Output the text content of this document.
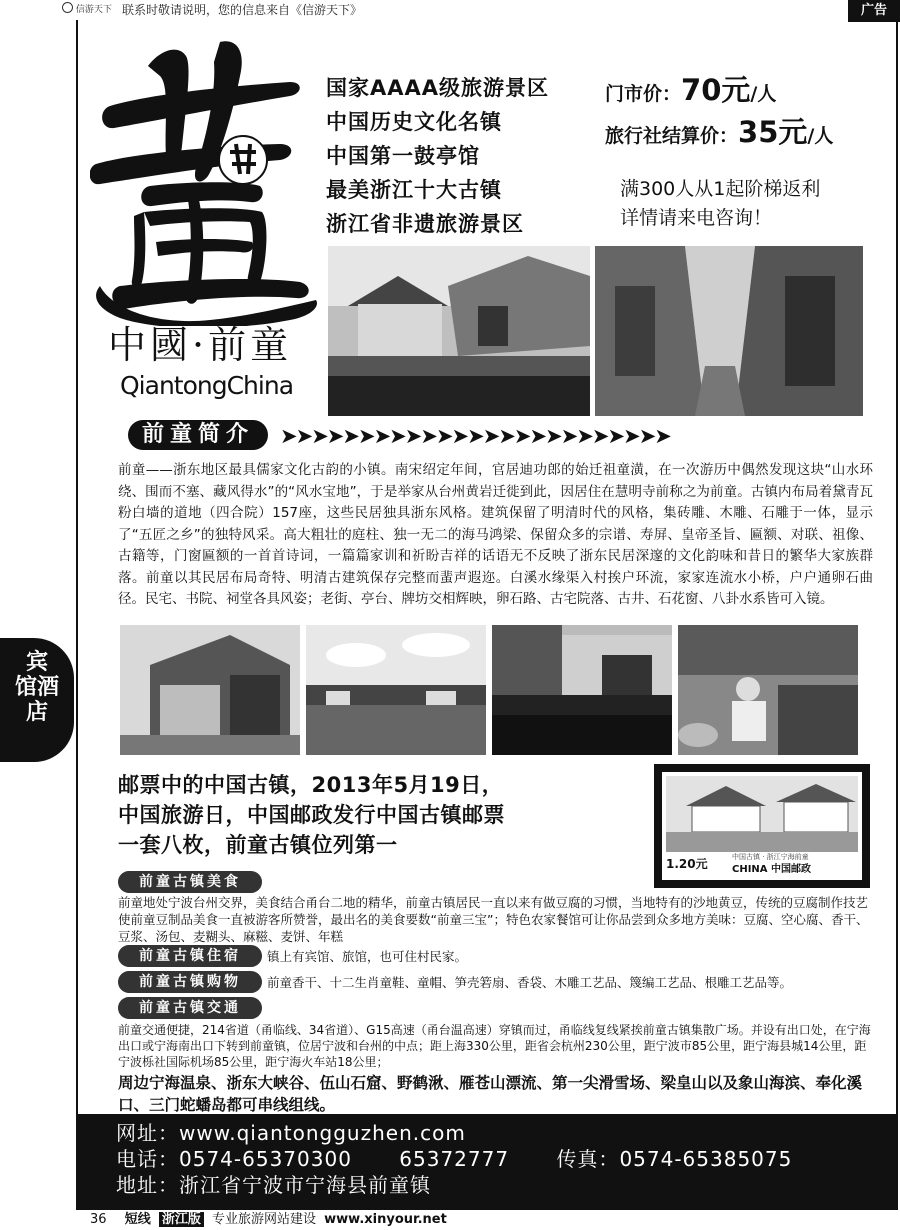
信游天下 联系时敬请说明，您的信息来自《信游天下》	广告
中國·前童
QiantongChina
国家AAAA级旅游景区
中国历史文化名镇
中国第一鼓亭馆
最美浙江十大古镇
浙江省非遗旅游景区
门市价：70元/人
旅行社结算价：35元/人
满300人从1起阶梯返利
详情请来电咨询！
前童简介	➤➤➤➤➤➤➤➤➤➤➤➤➤➤➤➤➤➤➤➤➤➤➤➤➤
前童——浙东地区最具儒家文化古韵的小镇。南宋绍定年间，官居迪功郎的始迁祖童潢，在一次游历中偶然发现这块“山水环绕、围而不塞、藏风得水”的“风水宝地”，于是举家从台州黄岩迁徙到此，因居住在慧明寺前称之为前童。古镇内布局着黛青瓦粉白墙的道地（四合院）157座，这些民居独具浙东风格。建筑保留了明清时代的风格，集砖雕、木雕、石雕于一体，显示了“五匠之乡”的独特风采。高大粗壮的庭柱、独一无二的海马鸿梁、保留众多的宗谱、寿屏、皇帝圣旨、匾额、对联、祖像、古籍等，门窗匾额的一首首诗词，一篇篇家训和祈盼吉祥的话语无不反映了浙东民居深邃的文化韵味和昔日的繁华大家族群落。前童以其民居布局奇特、明清古建筑保存完整而蜚声遐迩。白溪水缘渠入村挨户环流，家家连流水小桥，户户通卵石曲径。民宅、书院、祠堂各具风姿；老街、亭台、牌坊交相辉映，卵石路、古宅院落、古井、石花窗、八卦水系皆可入镜。
宾
馆酒
店
邮票中的中国古镇，2013年5月19日，
中国旅游日，中国邮政发行中国古镇邮票
一套八枚，前童古镇位列第一
1.20元	中国古镇 · 浙江宁海前童
CHINA 中国邮政
前童古镇美食
前童地处宁波台州交界，美食结合甬台二地的精华，前童古镇居民一直以来有做豆腐的习惯，当地特有的沙地黄豆，传统的豆腐制作技艺使前童豆制品美食一直被游客所赞誉，最出名的美食要数“前童三宝”；特色农家餐馆可让你品尝到众多地方美味：豆腐、空心腐、香干、豆浆、汤包、麦糊头、麻糍、麦饼、年糕
前童古镇住宿	镇上有宾馆、旅馆，也可住村民家。
前童古镇购物	前童香干、十二生肖童鞋、童帽、笋壳箬扇、香袋、木雕工艺品、篾编工艺品、根雕工艺品等。
前童古镇交通
前童交通便捷，214省道（甬临线、34省道）、G15高速（甬台温高速）穿镇而过，甬临线复线紧挨前童古镇集散广场。并设有出口处，在宁海出口或宁海南出口下转到前童镇，位居宁波和台州的中点；距上海330公里，距省会杭州230公里，距宁波市85公里，距宁海县城14公里，距宁波栎社国际机场85公里，距宁海火车站18公里；
周边宁海温泉、浙东大峡谷、伍山石窟、野鹤湫、雁苍山漂流、第一尖滑雪场、梁皇山以及象山海滨、奉化溪口、三门蛇蟠岛都可串线组线。
网址：www.qiantongguzhen.com
电话：0574-65370300 65372777 传真：0574-65385075
地址：浙江省宁波市宁海县前童镇
36 短线 浙江版 专业旅游网站建设 www.xinyour.net
